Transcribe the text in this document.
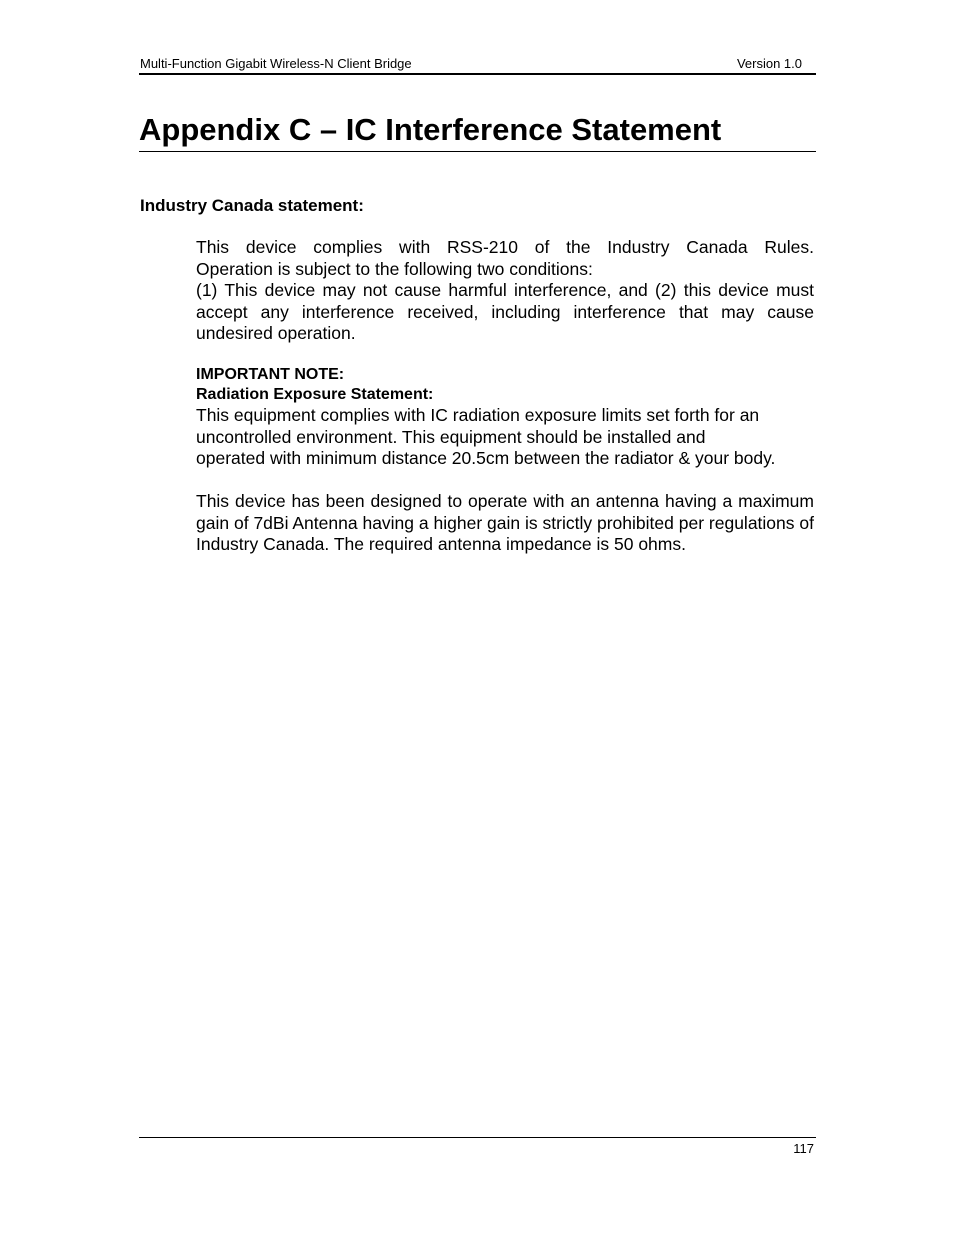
Multi-Function Gigabit Wireless-N Client Bridge	Version 1.0
Appendix C – IC Interference Statement
Industry Canada statement:
This device complies with RSS-210 of the Industry Canada Rules.
Operation is subject to the following two conditions:
(1) This device may not cause harmful interference, and (2) this device must accept any interference received, including interference that may cause undesired operation.
IMPORTANT NOTE:
Radiation Exposure Statement:
This equipment complies with IC radiation exposure limits set forth for an
uncontrolled environment. This equipment should be installed and
operated with minimum distance 20.5cm between the radiator & your body.
This device has been designed to operate with an antenna having a maximum gain of 7dBi Antenna having a higher gain is strictly prohibited per regulations of Industry Canada. The required antenna impedance is 50 ohms.
117
